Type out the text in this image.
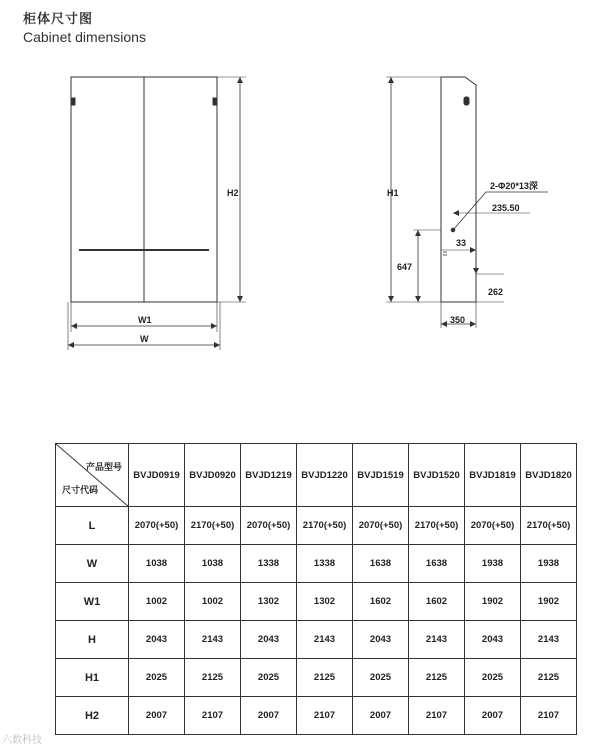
柜体尺寸图
Cabinet dimensions
H2
W1
W
H1
2-Φ20*13深
235.50
33
647
262
350
产品型号
尺寸代码	BVJD0919	BVJD0920	BVJD1219	BVJD1220	BVJD1519	BVJD1520	BVJD1819	BVJD1820
L	2070(+50)	2170(+50)	2070(+50)	2170(+50)	2070(+50)	2170(+50)	2070(+50)	2170(+50)
W	1038	1038	1338	1338	1638	1638	1938	1938
W1	1002	1002	1302	1302	1602	1602	1902	1902
H	2043	2143	2043	2143	2043	2143	2043	2143
H1	2025	2125	2025	2125	2025	2125	2025	2125
H2	2007	2107	2007	2107	2007	2107	2007	2107
六数科技
